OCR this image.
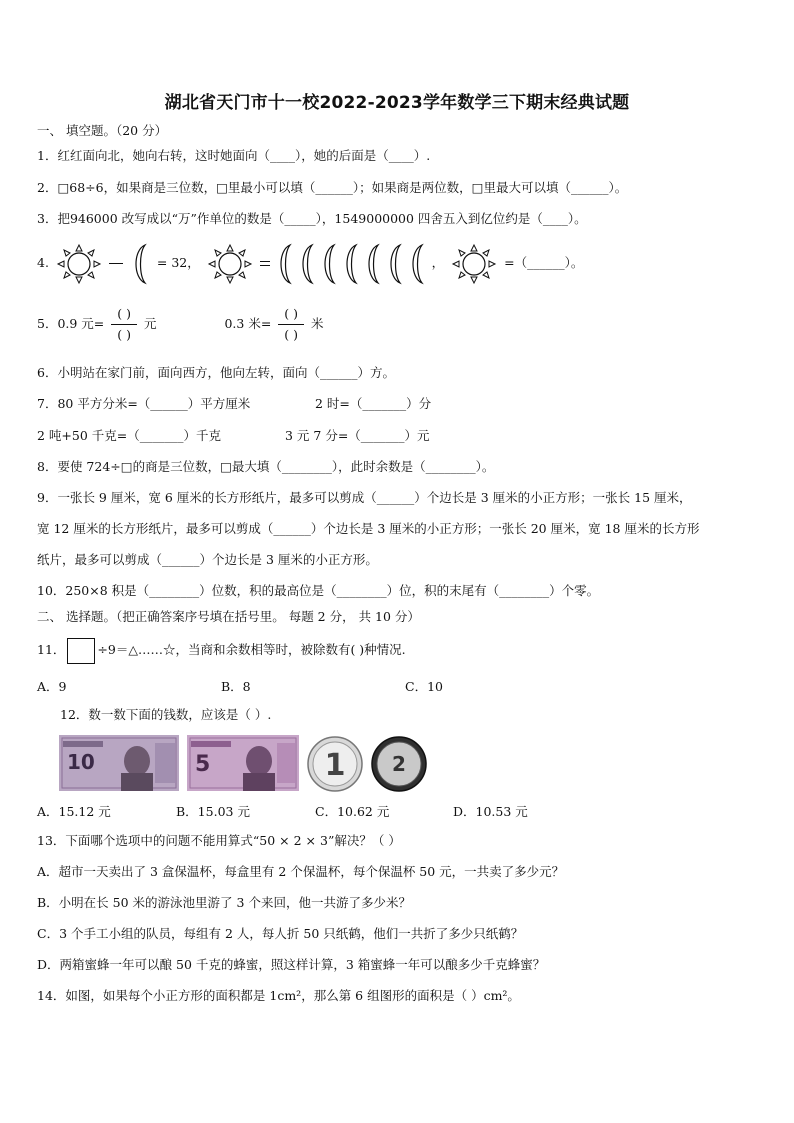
湖北省天门市十一校2022-2023学年数学三下期末经典试题
一、 填空题。（20 分）
1．红红面向北，她向右转，这时她面向（____），她的后面是（____）.
2．□68÷6，如果商是三位数，□里最小可以填（______）；如果商是两位数，□里最大可以填（______）。
3．把946000 改写成以“万”作单位的数是（_____），1549000000 四舍五入到亿位约是（____）。
4.	= 32，	，	=（______）。
5．0.9 元= $\frac{( )}{( )}$ 元	0.3 米= $\frac{( )}{( )}$ 米
6．小明站在家门前，面向西方，他向左转，面向（______）方。
7．80 平方分米=（______）平方厘米	2 时=（_______）分
2 吨+50 千克=（_______）千克	3 元 7 分=（_______）元
8．要使 724÷□的商是三位数，□最大填（________），此时余数是（________）。
9．一张长 9 厘米，宽 6 厘米的长方形纸片，最多可以剪成（______）个边长是 3 厘米的小正方形；一张长 15 厘米，
宽 12 厘米的长方形纸片，最多可以剪成（______）个边长是 3 厘米的小正方形；一张长 20 厘米，宽 18 厘米的长方形
纸片，最多可以剪成（______）个边长是 3 厘米的小正方形。
10．250×8 积是（________）位数，积的最高位是（________）位，积的末尾有（________）个零。
二、 选择题。（把正确答案序号填在括号里。 每题 2 分， 共 10 分）
11．	÷9＝△……☆，当商和余数相等时，被除数有( )种情况.
A．9	B．8	C．10
12．数一数下面的钱数，应该是（ ）.
10	5	1 2
A．15.12 元	B．15.03 元	C．10.62 元	D．10.53 元
13．下面哪个选项中的问题不能用算式“50 × 2 × 3”解决？（ ）
A．超市一天卖出了 3 盒保温杯，每盒里有 2 个保温杯，每个保温杯 50 元，一共卖了多少元？
B．小明在长 50 米的游泳池里游了 3 个来回，他一共游了多少米？
C．3 个手工小组的队员，每组有 2 人，每人折 50 只纸鹤，他们一共折了多少只纸鹤？
D．两箱蜜蜂一年可以酿 50 千克的蜂蜜，照这样计算，3 箱蜜蜂一年可以酿多少千克蜂蜜？
14．如图，如果每个小正方形的面积都是 1cm²，那么第 6 组图形的面积是（ ）cm²。
